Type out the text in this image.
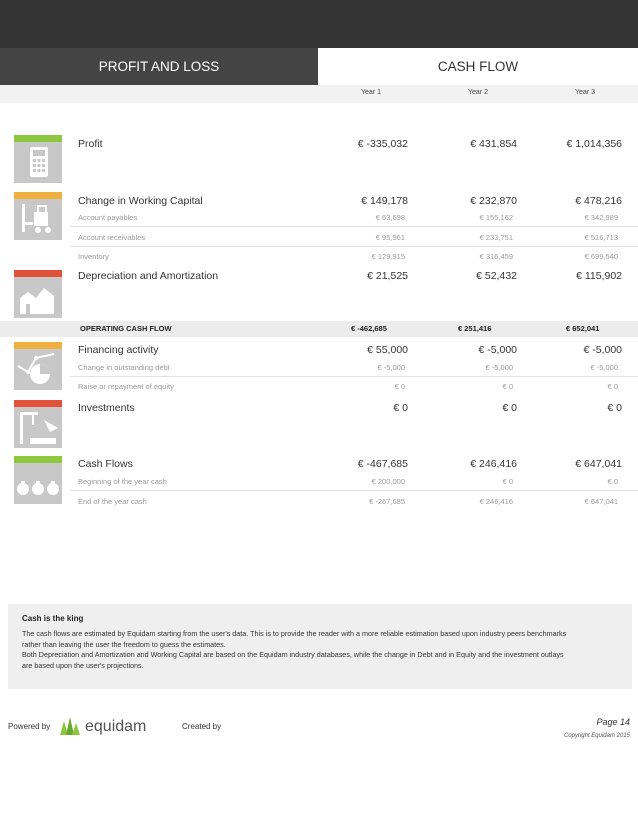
PROFIT AND LOSS	CASH FLOW
Year 1	Year 2	Year 3
Profit	€ -335,032	€ 431,854	€ 1,014,356
Change in Working Capital	€ 149,178	€ 232,870	€ 478,216
Account payables	€ 63,698	€ 155,162	€ 342,989
Account receivables	€ 95,961	€ 233,751	€ 516,713
Inventory	€ 129,915	€ 316,459	€ 699,540
Depreciation and Amortization	€ 21,525	€ 52,432	€ 115,902
OPERATING CASH FLOW	€ -462,685	€ 251,416	€ 652,041
Financing activity	€ 55,000	€ -5,000	€ -5,000
Change in outstanding debt	€ -5,000	€ -5,000	€ -5,000
Raise or repayment of equity	€ 0	€ 0	€ 0
Investments	€ 0	€ 0	€ 0
Cash Flows	€ -467,685	€ 246,416	€ 647,041
Beginning of the year cash	€ 200,000	€ 0	€ 0
End of the year cash	€ -267,685	€ 246,416	€ 647,041
Cash is the king

The cash flows are estimated by Equidam starting from the user's data. This is to provide the reader with a more reliable estimation based upon industry peers benchmarks

rather than leaving the user the freedom to guess the estimates.

Both Depreciation and Amortization and Working Capital are based on the Equidam industry databases, while the change in Debt and in Equity and the investment outlays

are based upon the user's projections.

Powered by equidam	Created by	Page 14
Copyright Equidam 2015
